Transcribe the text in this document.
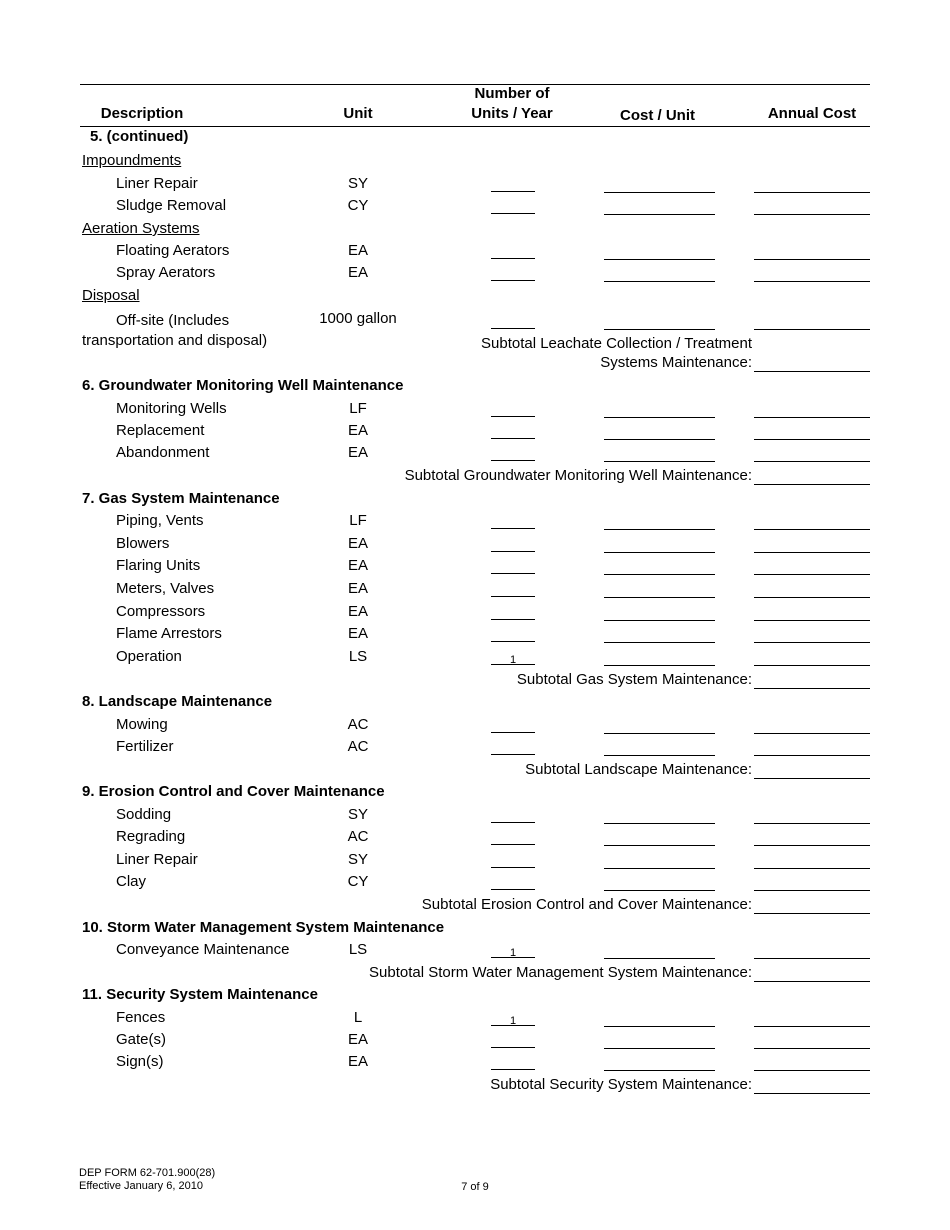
Description	Unit
Number of
Units / Year	Cost / Unit	Annual Cost
5. (continued)
Impoundments
Liner Repair	SY
Sludge Removal	CY
Aeration Systems
Floating Aerators	EA
Spray Aerators	EA
Disposal
Off-site (Includes	1000 gallon
transportation and disposal)	Subtotal Leachate Collection / Treatment
Systems Maintenance:
6. Groundwater Monitoring Well Maintenance
Monitoring Wells	LF
Replacement	EA
Abandonment	EA
Subtotal Groundwater Monitoring Well Maintenance:
7. Gas System Maintenance
Piping, Vents	LF
Blowers	EA
Flaring Units	EA
Meters, Valves	EA
Compressors	EA
Flame Arrestors	EA
Operation	LS	1
Subtotal Gas System Maintenance:
8. Landscape Maintenance
Mowing	AC
Fertilizer	AC
Subtotal Landscape Maintenance:
9. Erosion Control and Cover Maintenance
Sodding	SY
Regrading	AC
Liner Repair	SY
Clay	CY
Subtotal Erosion Control and Cover Maintenance:
10. Storm Water Management System Maintenance
Conveyance Maintenance	LS	1
Subtotal Storm Water Management System Maintenance:
11. Security System Maintenance
Fences	L	1
Gate(s)	EA
Sign(s)	EA
Subtotal Security System Maintenance:
DEP FORM 62-701.900(28)
Effective January 6, 2010	7 of 9
